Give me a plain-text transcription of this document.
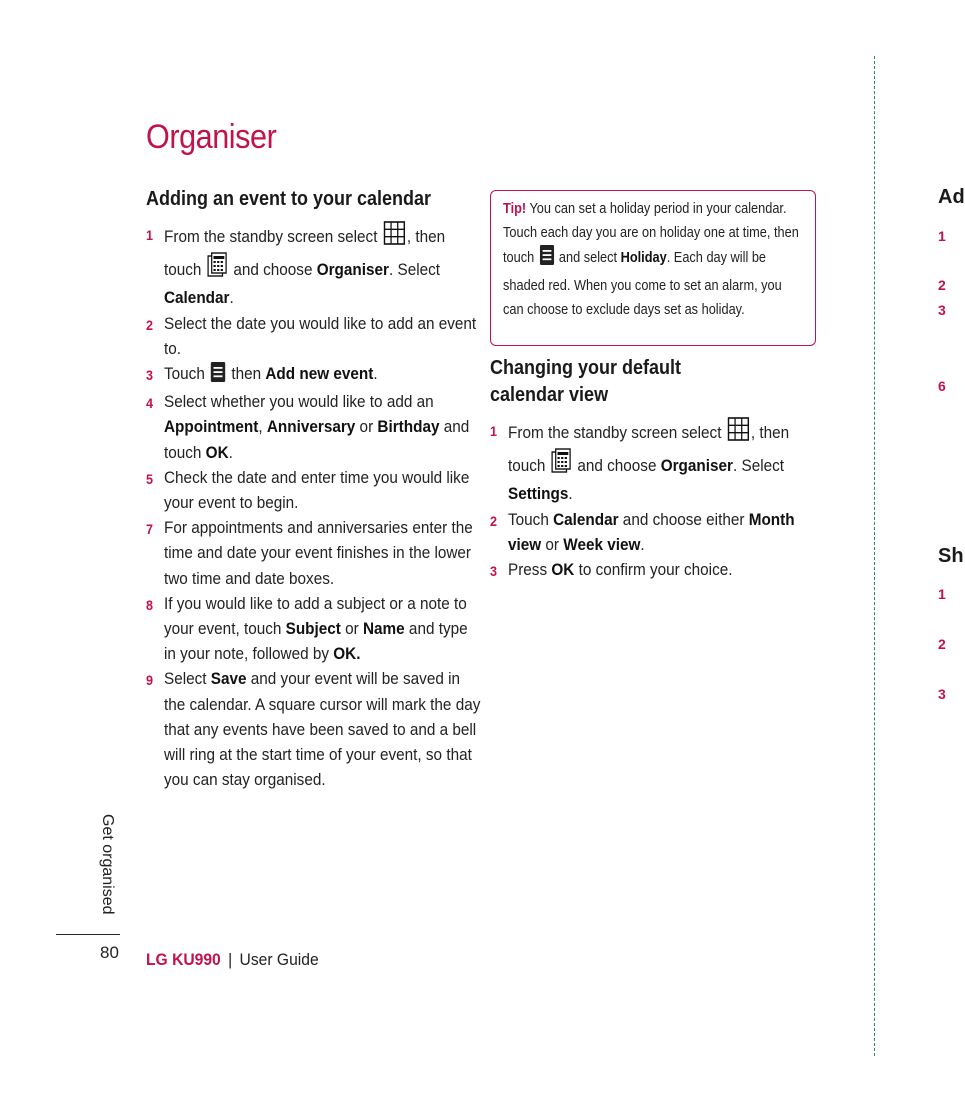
Organiser
Adding an event to your calendar
1 From the standby screen select , then touch  and choose Organiser. Select Calendar.
2 Select the date you would like to add an event to.
3 Touch  then Add new event.
4 Select whether you would like to add an Appointment, Anniversary or Birthday and touch OK.
5 Check the date and enter time you would like your event to begin.
7 For appointments and anniversaries enter the time and date your event finishes in the lower two time and date boxes.
8 If you would like to add a subject or a note to your event, touch Subject or Name and type in your note, followed by OK.
9 Select Save and your event will be saved in the calendar. A square cursor will mark the day that any events have been saved to and a bell will ring at the start time of your event, so that you can stay organised.
Tip! You can set a holiday period in your calendar. Touch each day you are on holiday one at time, then touch  and select Holiday. Each day will be shaded red. When you come to set an alarm, you can choose to exclude days set as holiday.
Changing your default calendar view
1 From the standby screen select , then touch  and choose Organiser. Select Settings.
2 Touch Calendar and choose either Month view or Week view.
3 Press OK to confirm your choice.
Ad
1
2
3
6
Sh
1
2
3
Get organised
80 LG KU990 | User Guide
